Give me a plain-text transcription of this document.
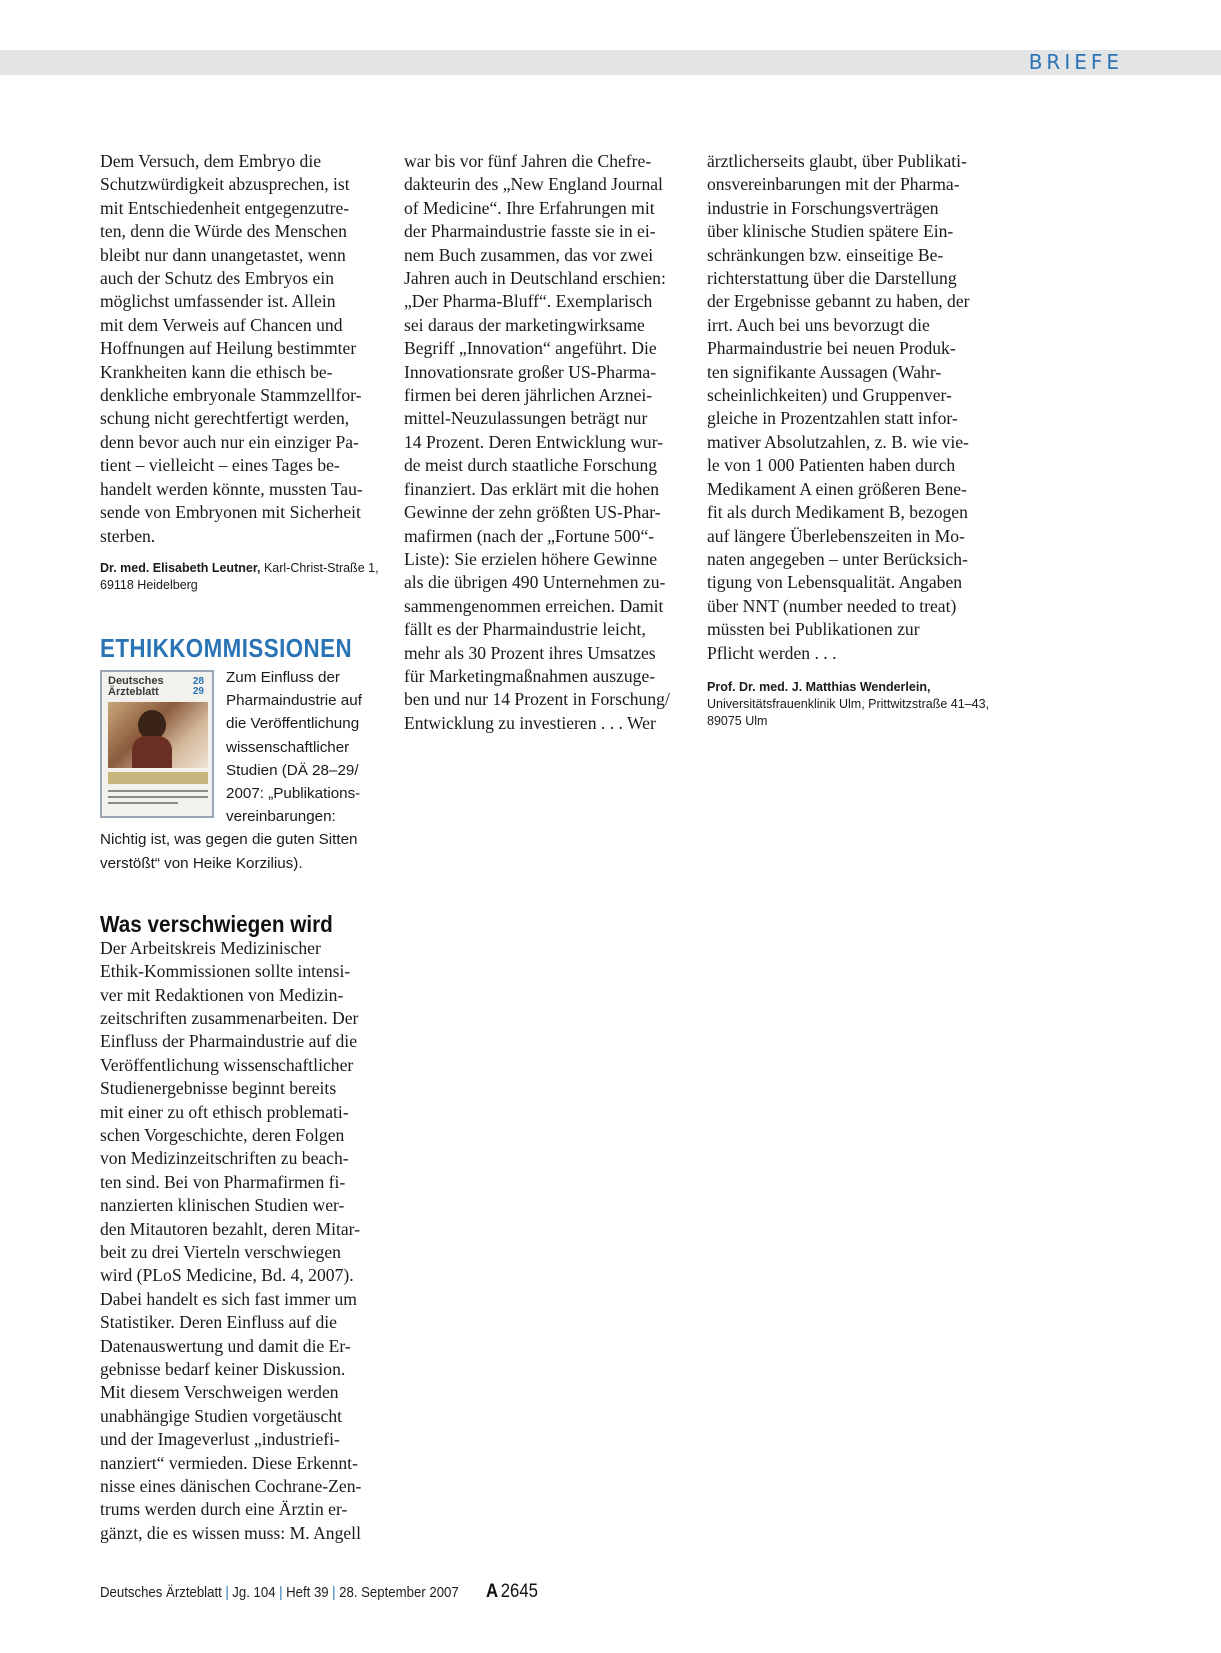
BRIEFE
Dem Versuch, dem Embryo die
Schutzwürdigkeit abzusprechen, ist
mit Entschiedenheit entgegenzutre-
ten, denn die Würde des Menschen
bleibt nur dann unangetastet, wenn
auch der Schutz des Embryos ein
möglichst umfassender ist. Allein
mit dem Verweis auf Chancen und
Hoffnungen auf Heilung bestimmter
Krankheiten kann die ethisch be-
denkliche embryonale Stammzellfor-
schung nicht gerechtfertigt werden,
denn bevor auch nur ein einziger Pa-
tient – vielleicht – eines Tages be-
handelt werden könnte, mussten Tau-
sende von Embryonen mit Sicherheit
sterben.
Dr. med. Elisabeth Leutner, Karl-Christ-Straße 1,
69118 Heidelberg
ETHIKKOMMISSIONEN
Deutsches
Ärzteblatt
28
29
Zum Einfluss der
Pharmaindustrie auf
die Veröffentlichung
wissenschaftlicher
Studien (DÄ 28–29/
2007: „Publikations-
vereinbarungen:
Nichtig ist, was gegen die guten Sitten
verstößt“ von Heike Korzilius).
Was verschwiegen wird
Der Arbeitskreis Medizinischer
Ethik-Kommissionen sollte intensi-
ver mit Redaktionen von Medizin-
zeitschriften zusammenarbeiten. Der
Einfluss der Pharmaindustrie auf die
Veröffentlichung wissenschaftlicher
Studienergebnisse beginnt bereits
mit einer zu oft ethisch problemati-
schen Vorgeschichte, deren Folgen
von Medizinzeitschriften zu beach-
ten sind. Bei von Pharmafirmen fi-
nanzierten klinischen Studien wer-
den Mitautoren bezahlt, deren Mitar-
beit zu drei Vierteln verschwiegen
wird (PLoS Medicine, Bd. 4, 2007).
Dabei handelt es sich fast immer um
Statistiker. Deren Einfluss auf die
Datenauswertung und damit die Er-
gebnisse bedarf keiner Diskussion.
Mit diesem Verschweigen werden
unabhängige Studien vorgetäuscht
und der Imageverlust „industriefi-
nanziert“ vermieden. Diese Erkennt-
nisse eines dänischen Cochrane-Zen-
trums werden durch eine Ärztin er-
gänzt, die es wissen muss: M. Angell
war bis vor fünf Jahren die Chefre-
dakteurin des „New England Journal
of Medicine“. Ihre Erfahrungen mit
der Pharmaindustrie fasste sie in ei-
nem Buch zusammen, das vor zwei
Jahren auch in Deutschland erschien:
„Der Pharma-Bluff“. Exemplarisch
sei daraus der marketingwirksame
Begriff „Innovation“ angeführt. Die
Innovationsrate großer US-Pharma-
firmen bei deren jährlichen Arznei-
mittel-Neuzulassungen beträgt nur
14 Prozent. Deren Entwicklung wur-
de meist durch staatliche Forschung
finanziert. Das erklärt mit die hohen
Gewinne der zehn größten US-Phar-
mafirmen (nach der „Fortune 500“-
Liste): Sie erzielen höhere Gewinne
als die übrigen 490 Unternehmen zu-
sammengenommen erreichen. Damit
fällt es der Pharmaindustrie leicht,
mehr als 30 Prozent ihres Umsatzes
für Marketingmaßnahmen auszuge-
ben und nur 14 Prozent in Forschung/
Entwicklung zu investieren . . . Wer
ärztlicherseits glaubt, über Publikati-
onsvereinbarungen mit der Pharma-
industrie in Forschungsverträgen
über klinische Studien spätere Ein-
schränkungen bzw. einseitige Be-
richterstattung über die Darstellung
der Ergebnisse gebannt zu haben, der
irrt. Auch bei uns bevorzugt die
Pharmaindustrie bei neuen Produk-
ten signifikante Aussagen (Wahr-
scheinlichkeiten) und Gruppenver-
gleiche in Prozentzahlen statt infor-
mativer Absolutzahlen, z. B. wie vie-
le von 1 000 Patienten haben durch
Medikament A einen größeren Bene-
fit als durch Medikament B, bezogen
auf längere Überlebenszeiten in Mo-
naten angegeben – unter Berücksich-
tigung von Lebensqualität. Angaben
über NNT (number needed to treat)
müssten bei Publikationen zur
Pflicht werden . . .
Prof. Dr. med. J. Matthias Wenderlein,
Universitätsfrauenklinik Ulm, Prittwitzstraße 41–43,
89075 Ulm
Deutsches Ärzteblatt | Jg. 104 | Heft 39 | 28. September 2007 A 2645
